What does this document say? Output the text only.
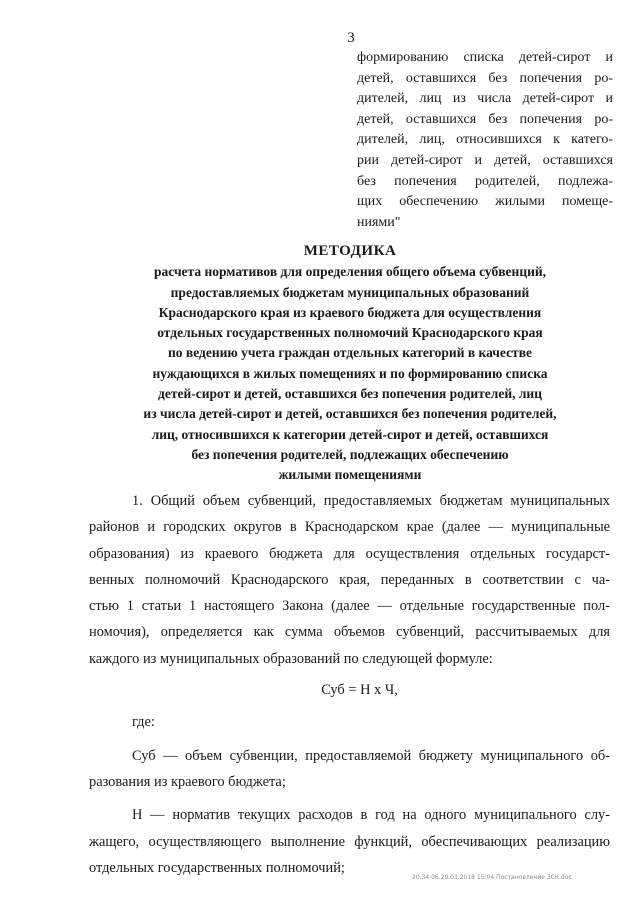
3
формированию списка детей-сирот и
детей, оставшихся без попечения ро-
дителей, лиц из числа детей-сирот и
детей, оставшихся без попечения ро-
дителей, лиц, относившихся к катего-
рии детей-сирот и детей, оставшихся
без попечения родителей, подлежа-
щих обеспечению жилыми помеще-
ниями"
МЕТОДИКА
расчета нормативов для определения общего объема субвенций,
предоставляемых бюджетам муниципальных образований
Краснодарского края из краевого бюджета для осуществления
отдельных государственных полномочий Краснодарского края
по ведению учета граждан отдельных категорий в качестве
нуждающихся в жилых помещениях и по формированию списка
детей-сирот и детей, оставшихся без попечения родителей, лиц
из числа детей-сирот и детей, оставшихся без попечения родителей,
лиц, относившихся к категории детей-сирот и детей, оставшихся
без попечения родителей, подлежащих обеспечению
жилыми помещениями
1. Общий объем субвенций, предоставляемых бюджетам муниципальных
районов и городских округов в Краснодарском крае (далее — муниципальные
образования) из краевого бюджета для осуществления отдельных государст-
венных полномочий Краснодарского края, переданных в соответствии с ча-
стью 1 статьи 1 настоящего Закона (далее — отдельные государственные пол-
номочия), определяется как сумма объемов субвенций, рассчитываемых для
каждого из муниципальных образований по следующей формуле:
Суб = Н х Ч,
где:
Суб — объем субвенции, предоставляемой бюджету муниципального об-
разования из краевого бюджета;
Н — норматив текущих расходов в год на одного муниципального слу-
жащего, осуществляющего выполнение функций, обеспечивающих реализацию
отдельных государственных полномочий;
20.34 06.20.03.2018 15:04 Постановление ЗСК.doc
